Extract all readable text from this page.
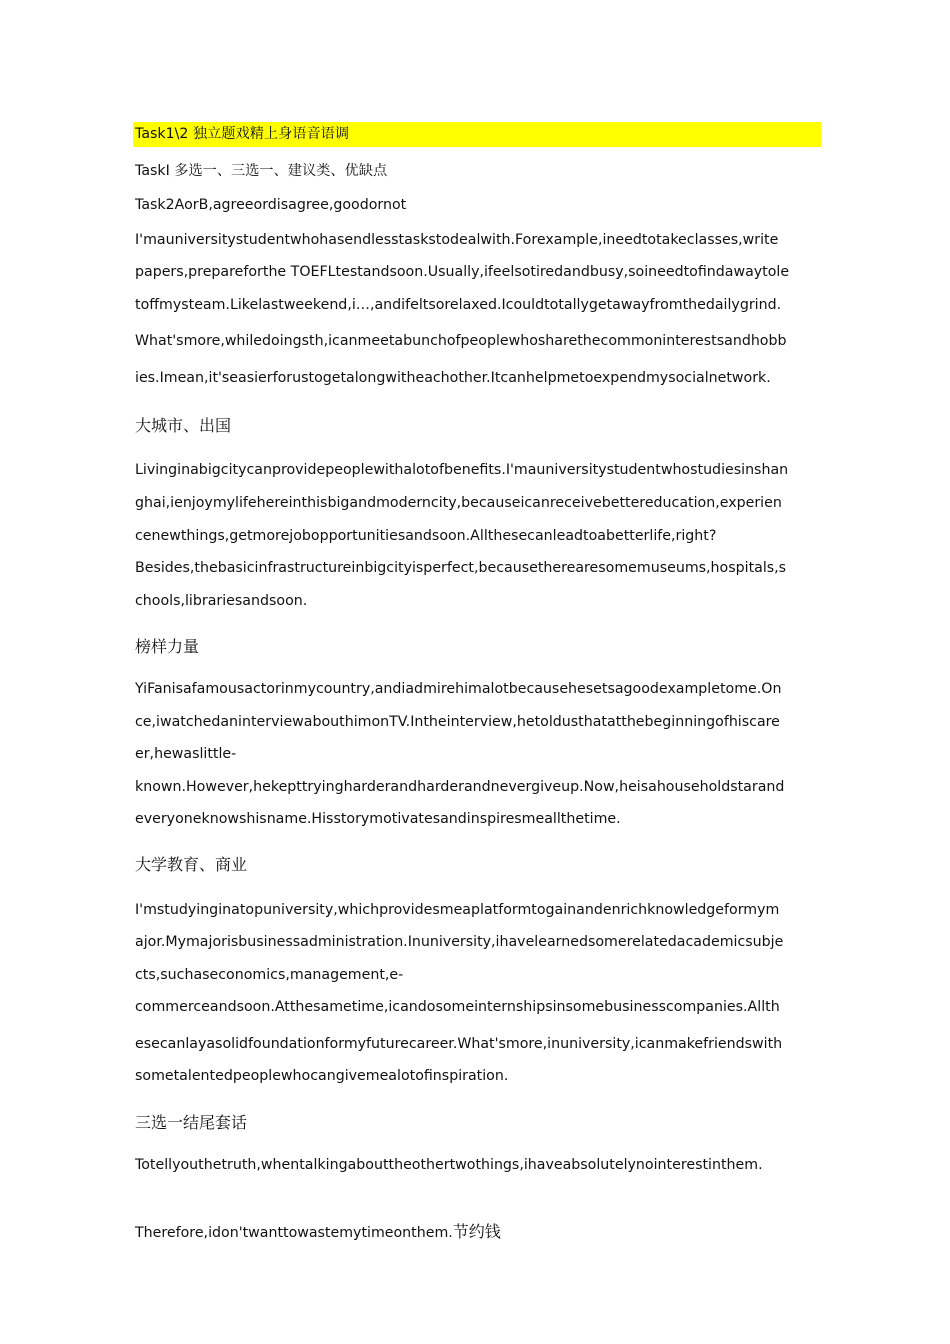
Task1\2 独立题戏精上身语音语调
TaskI 多选一、三选一、建议类、优缺点
Task2AorB,agreeordisagree,goodornot
I'mauniversitystudentwhohasendlesstaskstodealwith.Forexample,ineedtotakeclasses,write
papers,prepareforthe TOEFLtestandsoon.Usually,ifeelsotiredandbusy,soineedtofindawaytole
toffmysteam.Likelastweekend,i…,andifeltsorelaxed.Icouldtotallygetawayfromthedailygrind.
What'smore,whiledoingsth,icanmeetabunchofpeoplewhosharethecommoninterestsandhobb
ies.Imean,it'seasierforustogetalongwitheachother.Itcanhelpmetoexpendmysocialnetwork.
大城市、出国
Livinginabigcitycanprovidepeoplewithalotofbenefits.I'mauniversitystudentwhostudiesinshan
ghai,ienjoymylifehereinthisbigandmoderncity,becauseicanreceivebettereducation,experien
cenewthings,getmorejobopportunitiesandsoon.Allthesecanleadtoabetterlife,right?
Besides,thebasicinfrastructureinbigcityisperfect,becausetherearesomemuseums,hospitals,s
chools,librariesandsoon.
榜样力量
YiFanisafamousactorinmycountry,andiadmirehimalotbecausehesetsagoodexampletome.On
ce,iwatchedaninterviewabouthimonTV.Intheinterview,hetoldusthatatthebeginningofhiscare
er,hewaslittle-
known.However,hekepttryingharderandharderandnevergiveup.Now,heisahouseholdstarand
everyoneknowshisname.Hisstorymotivatesandinspiresmeallthetime.
大学教育、商业
I'mstudyinginatopuniversity,whichprovidesmeaplatformtogainandenrichknowledgeformym
ajor.Mymajorisbusinessadministration.Inuniversity,ihavelearnedsomerelatedacademicsubje
cts,suchaseconomics,management,e-
commerceandsoon.Atthesametime,icandosomeinternshipsinsomebusinesscompanies.Allth
esecanlayasolidfoundationformyfuturecareer.What'smore,inuniversity,icanmakefriendswith
sometalentedpeoplewhocangivemealotofinspiration.
三选一结尾套话
Totellyouthetruth,whentalkingabouttheothertwothings,ihaveabsolutelynointerestinthem.
Therefore,idon'twanttowastemytimeonthem.节约钱
